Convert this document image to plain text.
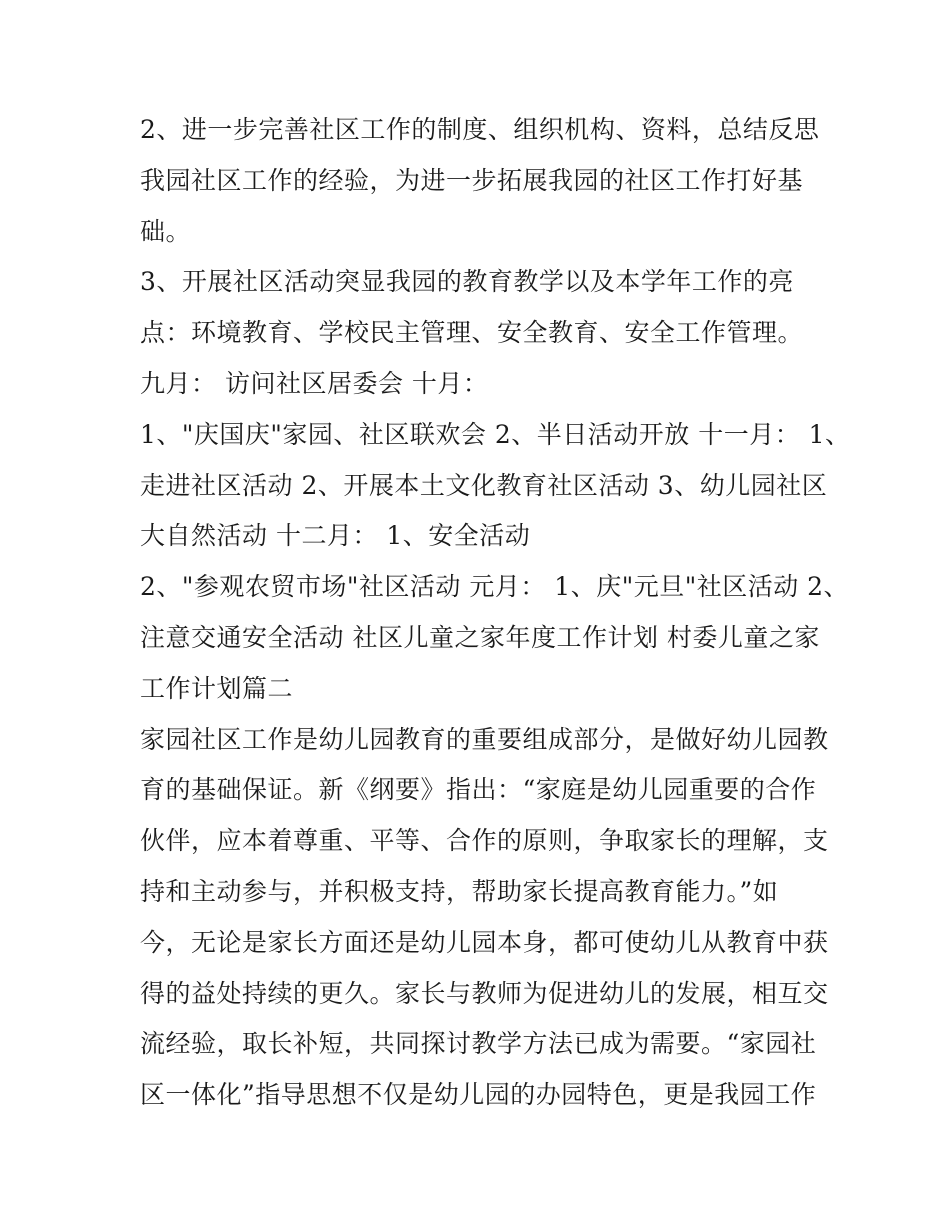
2、进一步完善社区工作的制度、组织机构、资料，总结反思
我园社区工作的经验，为进一步拓展我园的社区工作打好基
础。

3、开展社区活动突显我园的教育教学以及本学年工作的亮
点：环境教育、学校民主管理、安全教育、安全工作管理。

九月： 访问社区居委会 十月：

1、"庆国庆"家园、社区联欢会 2、半日活动开放 十一月： 1、
走进社区活动 2、开展本土文化教育社区活动 3、幼儿园社区
大自然活动 十二月： 1、安全活动

2、"参观农贸市场"社区活动 元月： 1、庆"元旦"社区活动 2、
注意交通安全活动 社区儿童之家年度工作计划 村委儿童之家
工作计划篇二

家园社区工作是幼儿园教育的重要组成部分，是做好幼儿园教
育的基础保证。新《纲要》指出：“家庭是幼儿园重要的合作
伙伴，应本着尊重、平等、合作的原则，争取家长的理解，支
持和主动参与，并积极支持，帮助家长提高教育能力。”如
今，无论是家长方面还是幼儿园本身，都可使幼儿从教育中获
得的益处持续的更久。家长与教师为促进幼儿的发展，相互交
流经验，取长补短，共同探讨教学方法已成为需要。“家园社
区一体化”指导思想不仅是幼儿园的办园特色，更是我园工作
